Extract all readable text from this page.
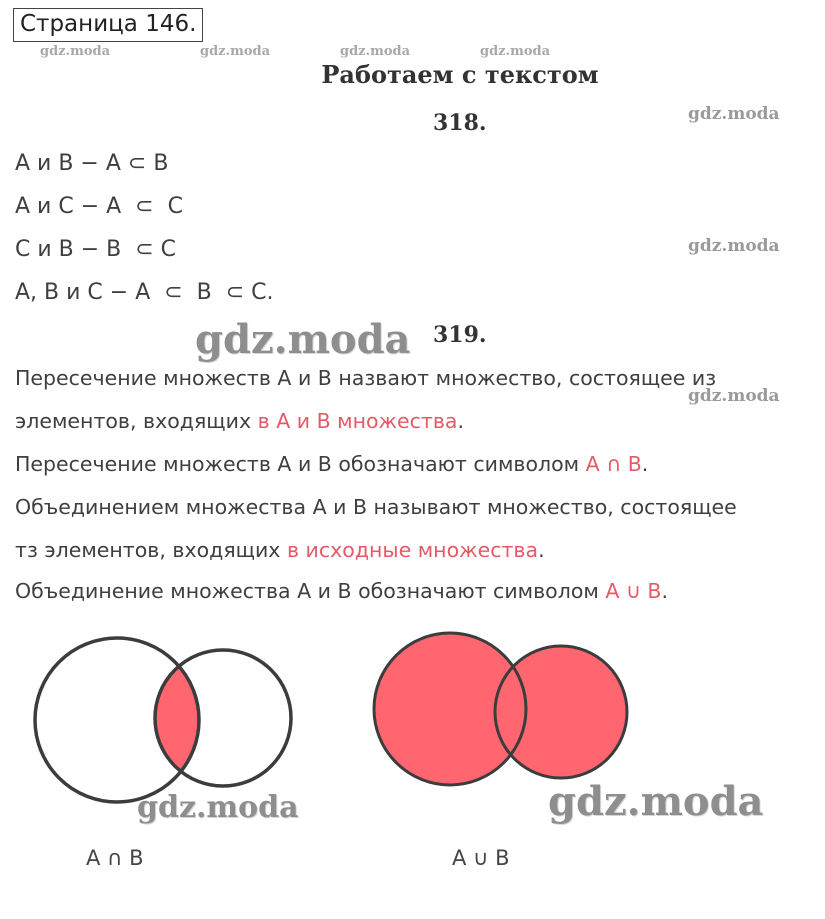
Страница 146.
gdz.moda	gdz.moda	gdz.moda	gdz.moda
Работаем с текстом
318.	gdz.moda
A и B − A ⊂ B
A и C − A  ⊂  C
C и B − B  ⊂ C	gdz.moda
A, B и C − A  ⊂  B  ⊂ C.
gdz.moda 319.
Пересечение множеств A и B назвают множество, состоящее из
gdz.moda
элементов, входящих в A и B множества.
Пересечение множеств A и B обозначают символом A ∩ B.
Объединением множества A и B называют множество, состоящее
тз элементов, входящих в исходные множества.
Объединение множества A и B обозначают символом A ∪ B.
gdz.moda	gdz.moda
A ∩ B	A ∪ B
